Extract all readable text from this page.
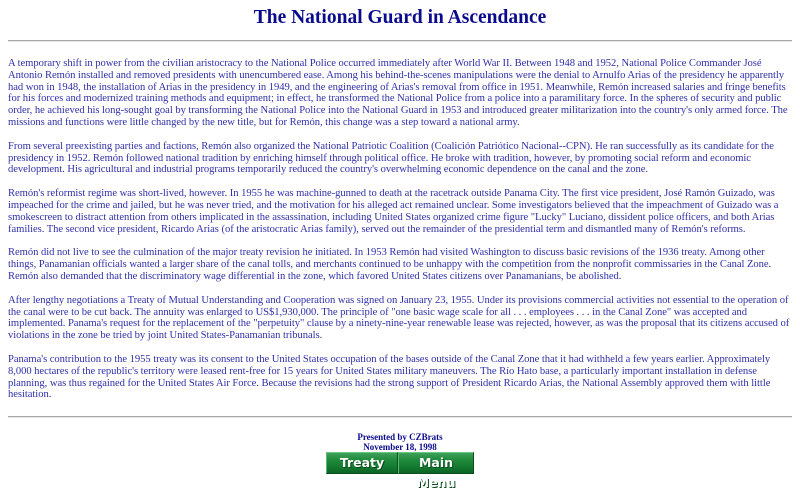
The National Guard in Ascendance

A temporary shift in power from the civilian aristocracy to the National Police occurred immediately after World War II. Between 1948 and 1952, National Police Commander José Antonio Remón installed and removed presidents with unencumbered ease. Among his behind-the-scenes manipulations were the denial to Arnulfo Arias of the presidency he apparently had won in 1948, the installation of Arias in the presidency in 1949, and the engineering of Arias's removal from office in 1951. Meanwhile, Remón increased salaries and fringe benefits for his forces and modernized training methods and equipment; in effect, he transformed the National Police from a police into a paramilitary force. In the spheres of security and public order, he achieved his long-sought goal by transforming the National Police into the National Guard in 1953 and introduced greater militarization into the country's only armed force. The missions and functions were little changed by the new title, but for Remón, this change was a step toward a national army.

From several preexisting parties and factions, Remón also organized the National Patriotic Coalition (Coalición Patriótico Nacional--CPN). He ran successfully as its candidate for the presidency in 1952. Remón followed national tradition by enriching himself through political office. He broke with tradition, however, by promoting social reform and economic development. His agricultural and industrial programs temporarily reduced the country's overwhelming economic dependence on the canal and the zone.

Remón's reformist regime was short-lived, however. In 1955 he was machine-gunned to death at the racetrack outside Panama City. The first vice president, José Ramón Guizado, was impeached for the crime and jailed, but he was never tried, and the motivation for his alleged act remained unclear. Some investigators believed that the impeachment of Guizado was a smokescreen to distract attention from others implicated in the assassination, including United States organized crime figure "Lucky" Luciano, dissident police officers, and both Arias families. The second vice president, Ricardo Arias (of the aristocratic Arias family), served out the remainder of the presidential term and dismantled many of Remón's reforms.

Remón did not live to see the culmination of the major treaty revision he initiated. In 1953 Remón had visited Washington to discuss basic revisions of the 1936 treaty. Among other things, Panamanian officials wanted a larger share of the canal tolls, and merchants continued to be unhappy with the competition from the nonprofit commissaries in the Canal Zone. Remón also demanded that the discriminatory wage differential in the zone, which favored United States citizens over Panamanians, be abolished.

After lengthy negotiations a Treaty of Mutual Understanding and Cooperation was signed on January 23, 1955. Under its provisions commercial activities not essential to the operation of the canal were to be cut back. The annuity was enlarged to US$1,930,000. The principle of "one basic wage scale for all . . . employees . . . in the Canal Zone" was accepted and implemented. Panama's request for the replacement of the "perpetuity" clause by a ninety-nine-year renewable lease was rejected, however, as was the proposal that its citizens accused of violations in the zone be tried by joint United States-Panamanian tribunals.

Panama's contribution to the 1955 treaty was its consent to the United States occupation of the bases outside of the Canal Zone that it had withheld a few years earlier. Approximately 8,000 hectares of the republic's territory were leased rent-free for 15 years for United States military maneuvers. The Río Hato base, a particularly important installation in defense planning, was thus regained for the United States Air Force. Because the revisions had the strong support of President Ricardo Arias, the National Assembly approved them with little hesitation.

Presented by CZBrats
November 18, 1998
Treaty	Main Menu
